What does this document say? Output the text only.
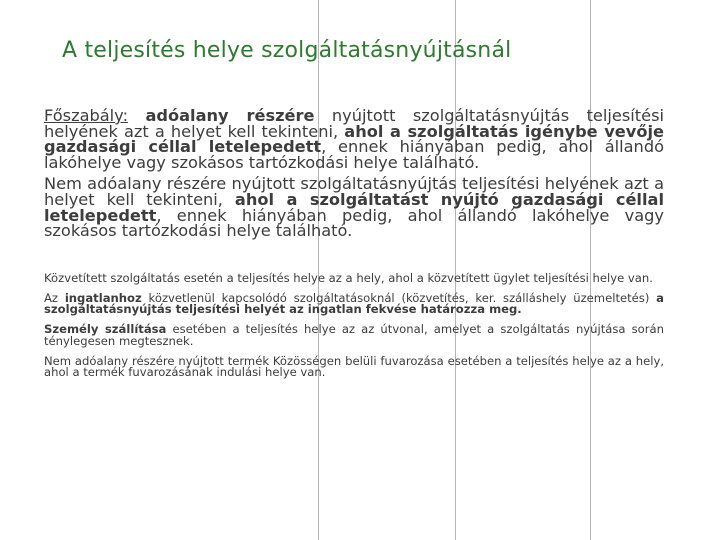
A teljesítés helye szolgáltatásnyújtásnál

Főszabály: adóalany részére nyújtott szolgáltatásnyújtás teljesítési helyének azt a helyet kell tekinteni, ahol a szolgáltatás igénybe vevője gazdasági céllal letelepedett, ennek hiányában pedig, ahol állandó lakóhelye vagy szokásos tartózkodási helye található.

Nem adóalany részére nyújtott szolgáltatásnyújtás teljesítési helyének azt a helyet kell tekinteni, ahol a szolgáltatást nyújtó gazdasági céllal letelepedett, ennek hiányában pedig, ahol állandó lakóhelye vagy szokásos tartózkodási helye található.

Közvetített szolgáltatás esetén a teljesítés helye az a hely, ahol a közvetített ügylet teljesítési helye van.

Az ingatlanhoz közvetlenül kapcsolódó szolgáltatásoknál (közvetítés, ker. szálláshely üzemeltetés) a szolgáltatásnyújtás teljesítési helyét az ingatlan fekvése határozza meg.

Személy szállítása esetében a teljesítés helye az az útvonal, amelyet a szolgáltatás nyújtása során ténylegesen megtesznek.

Nem adóalany részére nyújtott termék Közösségen belüli fuvarozása esetében a teljesítés helye az a hely, ahol a termék fuvarozásának indulási helye van.
